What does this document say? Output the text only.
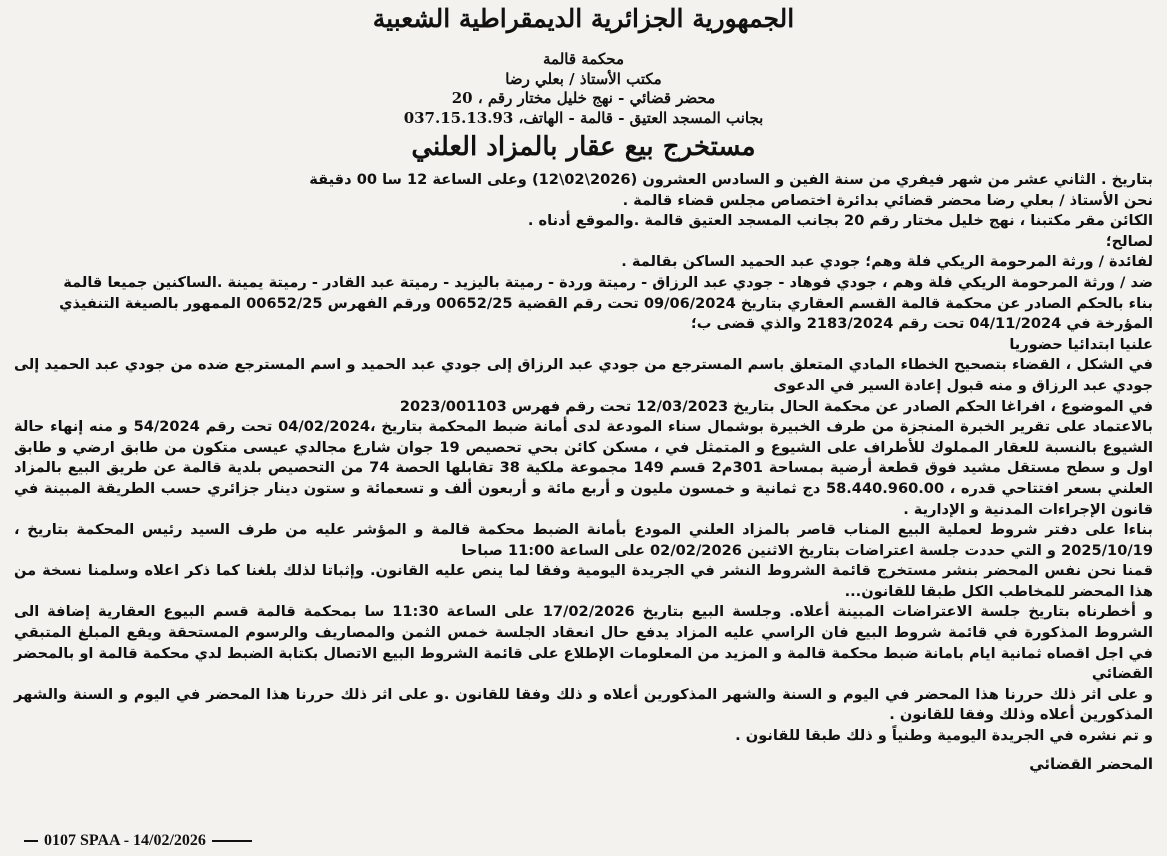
الجمهورية الجزائرية الديمقراطية الشعبية
محكمة قالمة
مكتب الأستاذ / بعلي رضا
محضر قضائي - نهج خليل مختار رقم ، 20
بجانب المسجد العتيق - قالمة - الهاتف، 037.15.13.93
مستخرج بيع عقار بالمزاد العلني

بتاريخ . الثاني عشر من شهر فيفري من سنة الفين و السادس العشرون (2026\02\12) وعلى الساعة 12 سا 00 دقيقة

نحن الأستاذ / بعلي رضا محضر قضائي بدائرة اختصاص مجلس قضاء قالمة .

الكائن مقر مكتبنا ، نهج خليل مختار رقم 20 بجانب المسجد العتيق قالمة .والموقع أدناه .

لصالح؛

لفائدة / ورثة المرحومة الريكي فلة وهم؛ جودي عبد الحميد الساكن بقالمة .

ضد / ورثة المرحومة الريكي فلة وهم ، جودي فوهاد - جودي عبد الرزاق - رميتة وردة - رميتة باليزيد - رميتة عبد القادر - رميتة يمينة .الساكنين جميعا قالمة

بناء بالحكم الصادر عن محكمة قالمة القسم العقاري بتاريخ 09/06/2024 تحت رقم القضية 00652/25 ورقم الفهرس 00652/25 الممهور بالصيغة التنفيذي

المؤرخة في 04/11/2024 تحت رقم 2183/2024 والذي قضى ب؛

علنيا ابتدائيا حضوريا

في الشكل ، القضاء بتصحيح الخطاء المادي المتعلق باسم المسترجع من جودي عبد الرزاق إلى جودي عبد الحميد و اسم المسترجع ضده من جودي عبد الحميد إلى جودي عبد الرزاق و منه قبول إعادة السير في الدعوى

في الموضوع ، افراغا الحكم الصادر عن محكمة الحال بتاريخ 12/03/2023 تحت رقم فهرس 2023/001103

بالاعتماد على تقرير الخبرة المنجزة من طرف الخبيرة بوشمال سناء المودعة لدى أمانة ضبط المحكمة بتاريخ ،04/02/2024 تحت رقم 54/2024 و منه إنهاء حالة الشيوع بالنسبة للعقار المملوك للأطراف على الشيوع و المتمثل في ، مسكن كائن بحي تحصيص 19 جوان شارع مجالدي عيسى متكون من طابق ارضي و طابق اول و سطح مستقل مشيد فوق قطعة أرضية بمساحة 301م2 قسم 149 مجموعة ملكية 38 تقابلها الحصة 74 من التحصيص بلدية قالمة عن طريق البيع بالمزاد العلني بسعر افتتاحي قدره ، 58.440.960.00 دج ثمانية و خمسون مليون و أربع مائة و أربعون ألف و تسعمائة و ستون دينار جزائري حسب الطريقة المبينة في قانون الإجراءات المدنية و الإدارية .

بناءا على دفتر شروط لعملية البيع المناب قاصر بالمزاد العلني المودع بأمانة الضبط محكمة قالمة و المؤشر عليه من طرف السيد رئيس المحكمة بتاريخ ، 2025/10/19 و التي حددت جلسة اعتراضات بتاريخ الاثنين 02/02/2026 على الساعة 11:00 صباحا

قمنا نحن نفس المحضر بنشر مستخرج قائمة الشروط النشر في الجريدة اليومية وفقا لما ينص عليه القانون. وإثباتا لذلك بلغنا كما ذكر اعلاه وسلمنا نسخة من هذا المحضر للمخاطب الكل طبقا للقانون...

و أخطرناه بتاريخ جلسة الاعتراضات المبينة أعلاه. وجلسة البيع بتاريخ 17/02/2026 على الساعة 11:30 سا بمحكمة قالمة قسم البيوع العقارية إضافة الى الشروط المذكورة في قائمة شروط البيع فان الراسي عليه المزاد يدفع حال انعقاد الجلسة خمس الثمن والمصاريف والرسوم المستحقة ويقع المبلغ المتبقي في اجل اقصاه ثمانية ايام بامانة ضبط محكمة قالمة و المزيد من المعلومات الإطلاع على قائمة الشروط البيع الاتصال بكتابة الضبط لدي محكمة قالمة او بالمحضر القضائي

و على اثر ذلك حررنا هذا المحضر في اليوم و السنة والشهر المذكورين أعلاه و ذلك وفقا للقانون .و على اثر ذلك حررنا هذا المحضر في اليوم و السنة والشهر المذكورين أعلاه وذلك وفقا للقانون .

و تم نشره في الجريدة اليومية وطنياً و ذلك طبقا للقانون .

المحضر القضائي
0107 SPAA - 14/02/2026
